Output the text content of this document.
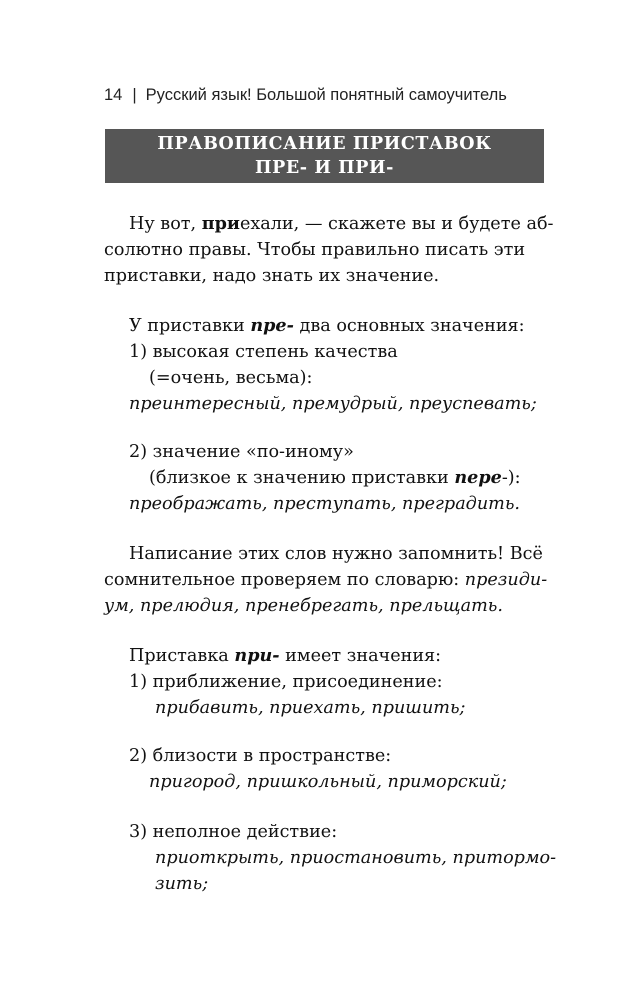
14 | Русский язык! Большой понятный самоучитель
ПРАВОПИСАНИЕ ПРИСТАВОК
ПРЕ- И ПРИ-
Ну вот, приехали, — скажете вы и будете аб-
солютно правы. Чтобы правильно писать эти
приставки, надо знать их значение.
У приставки пре- два основных значения:
1) высокая степень качества
(=очень, весьма):
преинтересный, премудрый, преуспевать;
2) значение «по-иному»
(близкое к значению приставки пере-):
преображать, преступать, преградить.
Написание этих слов нужно запомнить! Всё
сомнительное проверяем по словарю: президи-
ум, прелюдия, пренебрегать, прельщать.
Приставка при- имеет значения:
1) приближение, присоединение:
прибавить, приехать, пришить;
2) близости в пространстве:
пригород, пришкольный, приморский;
3) неполное действие:
приоткрыть, приостановить, притормо-
зить;
